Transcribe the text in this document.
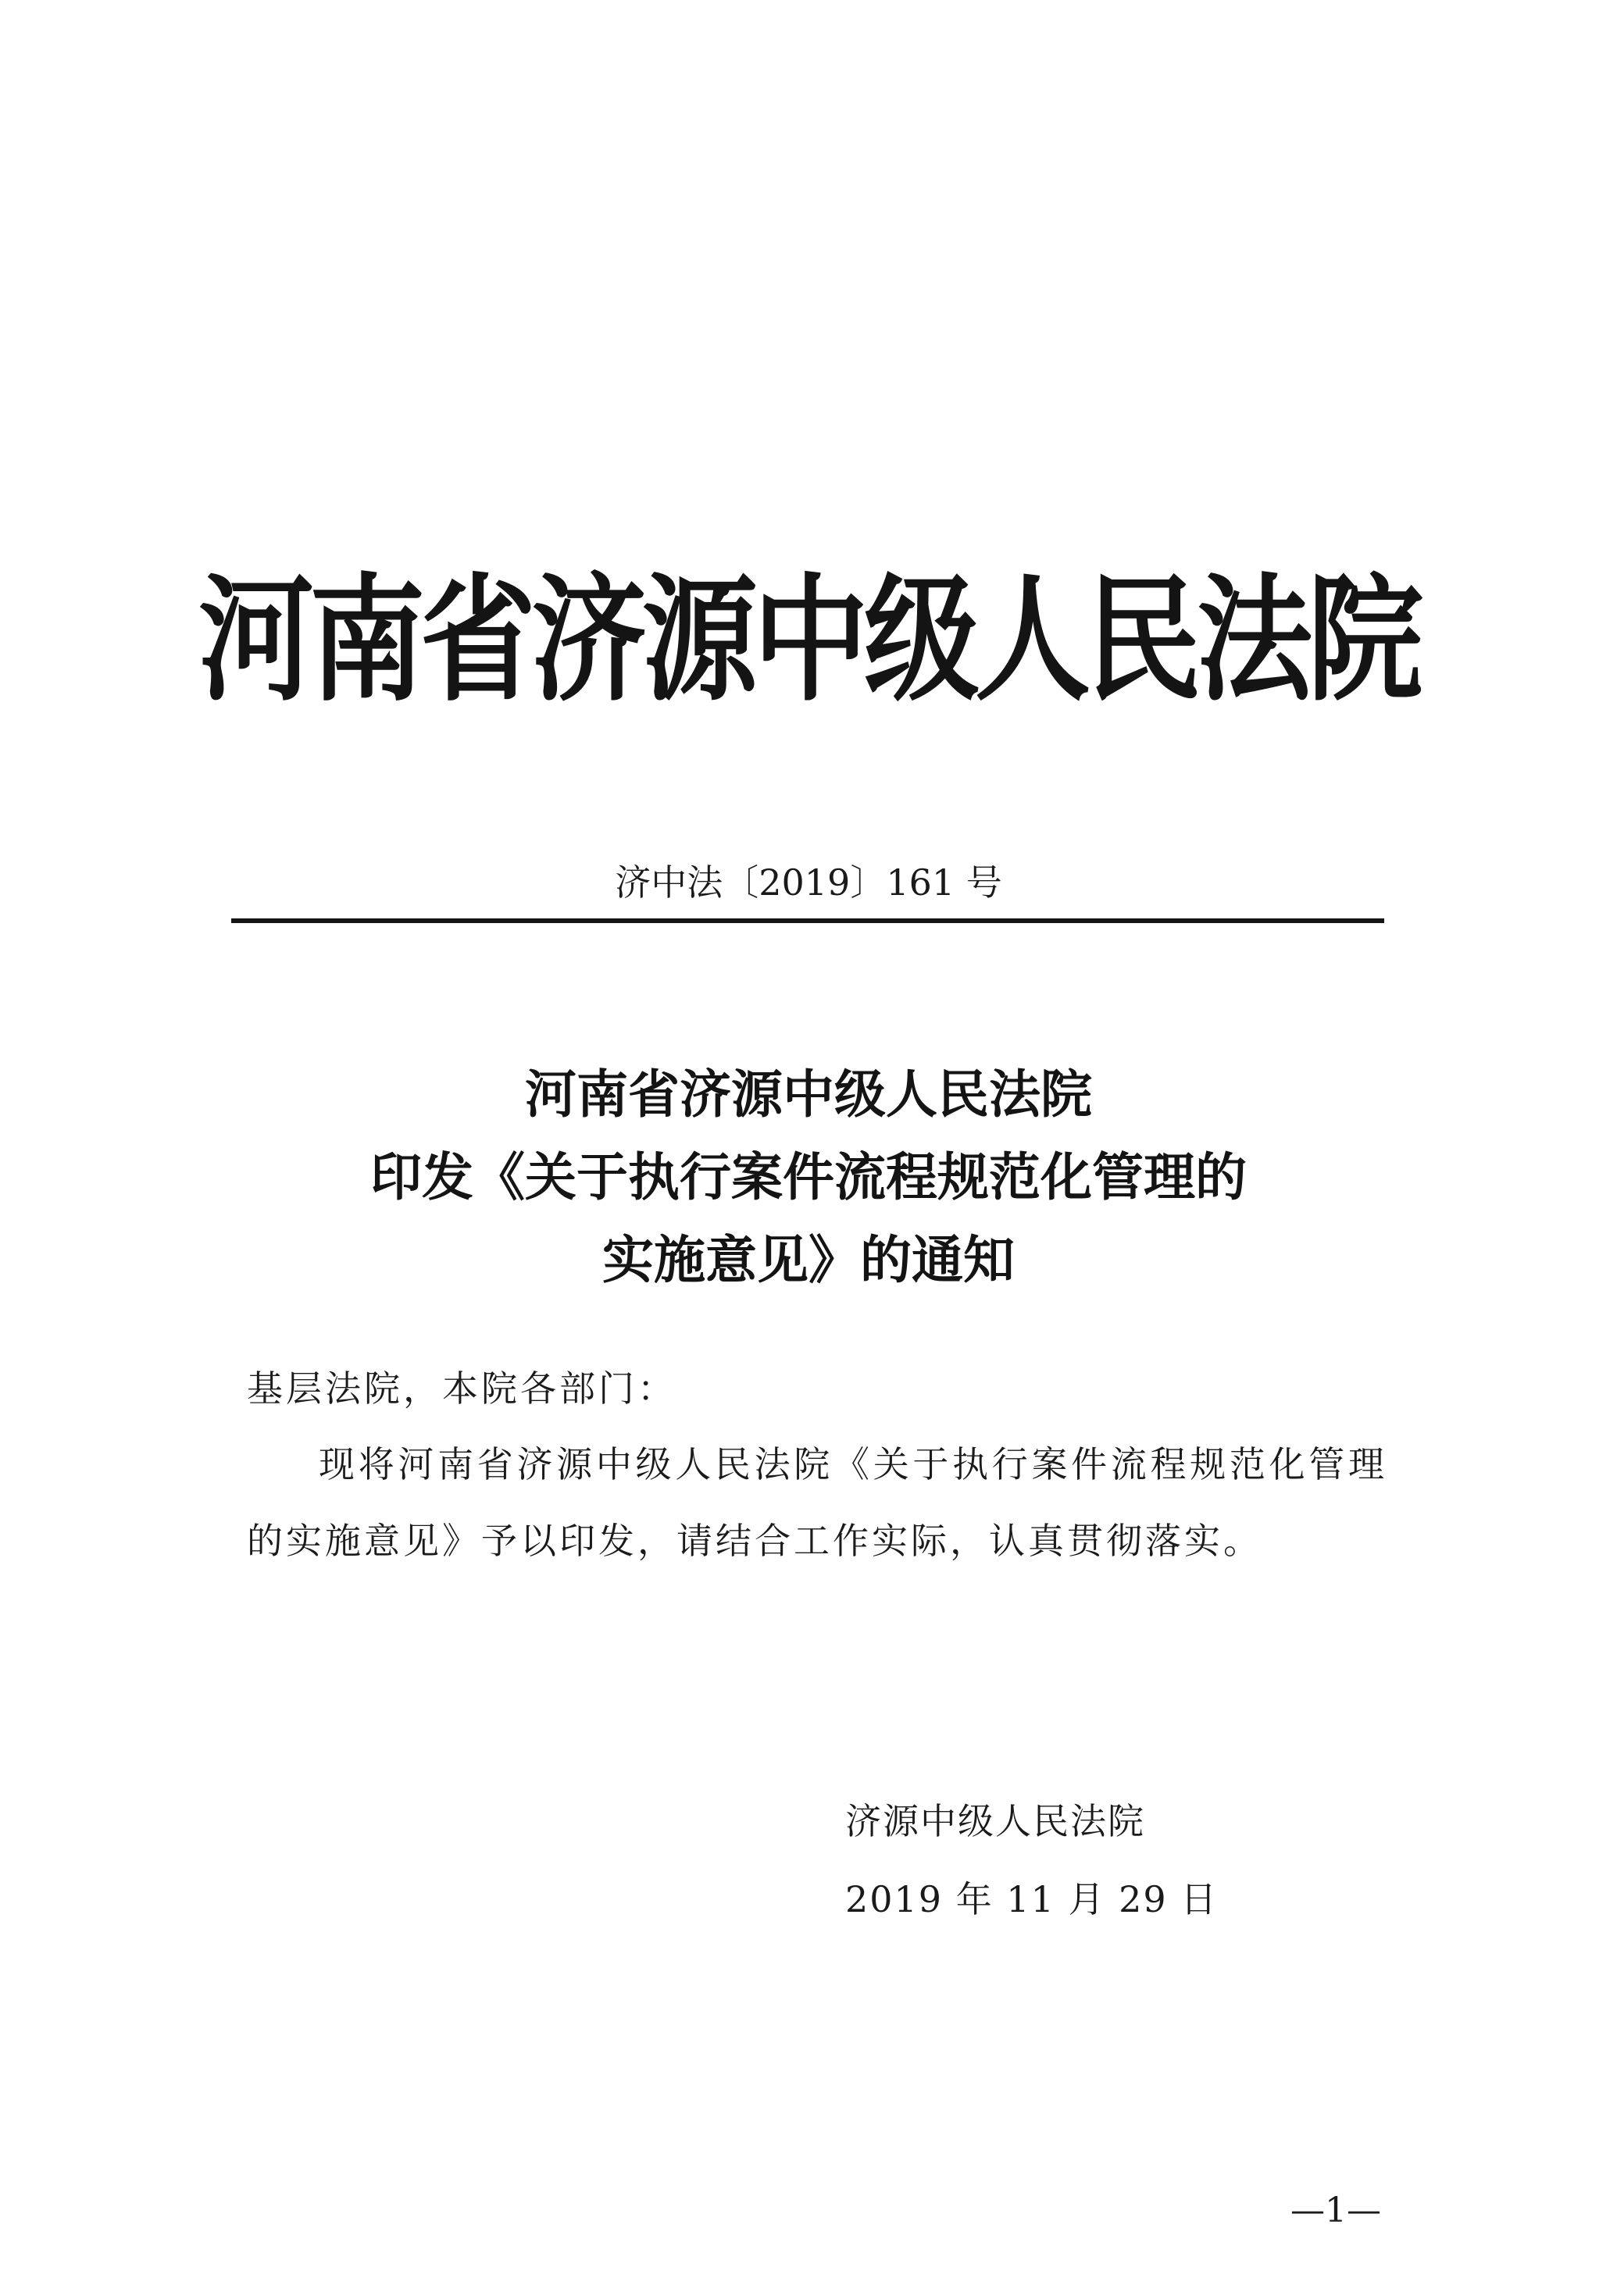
河南省济源中级人民法院
济中法〔2019〕161 号
河南省济源中级人民法院
印发《关于执行案件流程规范化管理的
实施意见》的通知
基层法院，本院各部门：
现将河南省济源中级人民法院《关于执行案件流程规范化管理的实施意见》予以印发，请结合工作实际，认真贯彻落实。
济源中级人民法院
2019 年 11 月 29 日
—1—
